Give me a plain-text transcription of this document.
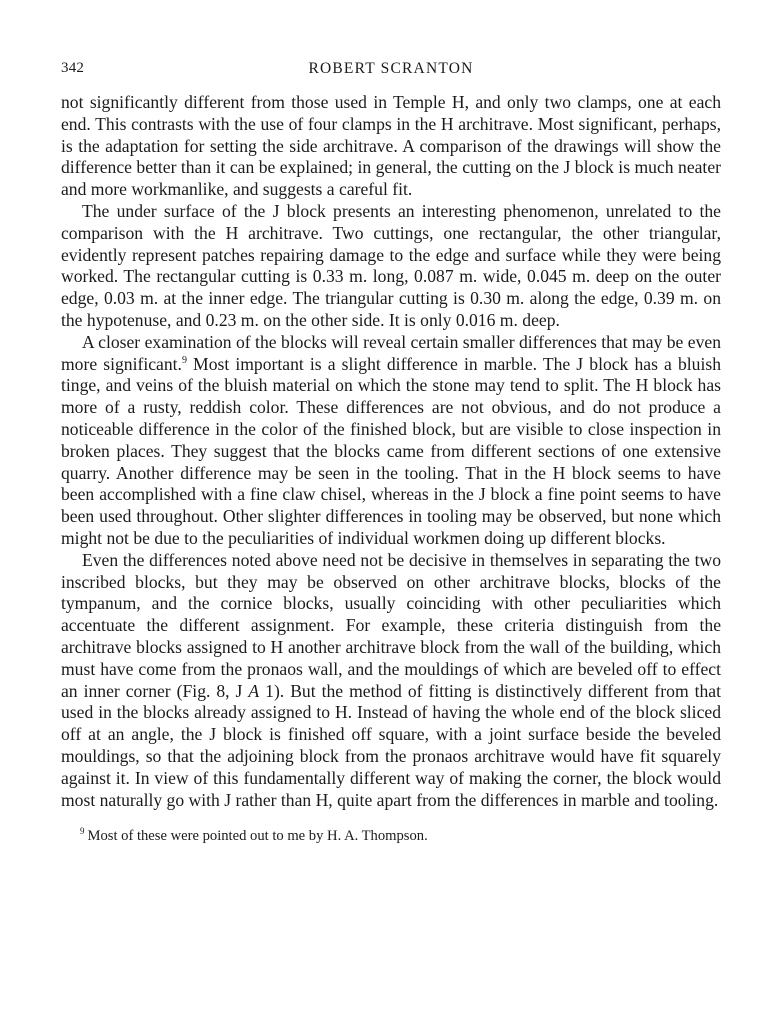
342	ROBERT SCRANTON

not significantly different from those used in Temple H, and only two clamps, one at each end. This contrasts with the use of four clamps in the H architrave. Most significant, perhaps, is the adaptation for setting the side architrave. A comparison of the drawings will show the difference better than it can be explained; in general, the cutting on the J block is much neater and more workmanlike, and suggests a careful fit.

The under surface of the J block presents an interesting phenomenon, unrelated to the comparison with the H architrave. Two cuttings, one rectangular, the other triangular, evidently represent patches repairing damage to the edge and surface while they were being worked. The rectangular cutting is 0.33 m. long, 0.087 m. wide, 0.045 m. deep on the outer edge, 0.03 m. at the inner edge. The triangular cutting is 0.30 m. along the edge, 0.39 m. on the hypotenuse, and 0.23 m. on the other side. It is only 0.016 m. deep.

A closer examination of the blocks will reveal certain smaller differences that may be even more significant.$^9$ Most important is a slight difference in marble. The J block has a bluish tinge, and veins of the bluish material on which the stone may tend to split. The H block has more of a rusty, reddish color. These differences are not obvious, and do not produce a noticeable difference in the color of the finished block, but are visible to close inspection in broken places. They suggest that the blocks came from different sections of one extensive quarry. Another difference may be seen in the tooling. That in the H block seems to have been accomplished with a fine claw chisel, whereas in the J block a fine point seems to have been used throughout. Other slighter differences in tooling may be observed, but none which might not be due to the peculiarities of individual workmen doing up different blocks.

Even the differences noted above need not be decisive in themselves in separating the two inscribed blocks, but they may be observed on other architrave blocks, blocks of the tympanum, and the cornice blocks, usually coinciding with other peculiarities which accentuate the different assignment. For example, these criteria distinguish from the architrave blocks assigned to H another architrave block from the wall of the building, which must have come from the pronaos wall, and the mouldings of which are beveled off to effect an inner corner (Fig. 8, J A 1). But the method of fitting is distinctively different from that used in the blocks already assigned to H. Instead of having the whole end of the block sliced off at an angle, the J block is finished off square, with a joint surface beside the beveled mouldings, so that the adjoining block from the pronaos architrave would have fit squarely against it. In view of this fundamentally different way of making the corner, the block would most naturally go with J rather than H, quite apart from the differences in marble and tooling.

$^9$ Most of these were pointed out to me by H. A. Thompson.
